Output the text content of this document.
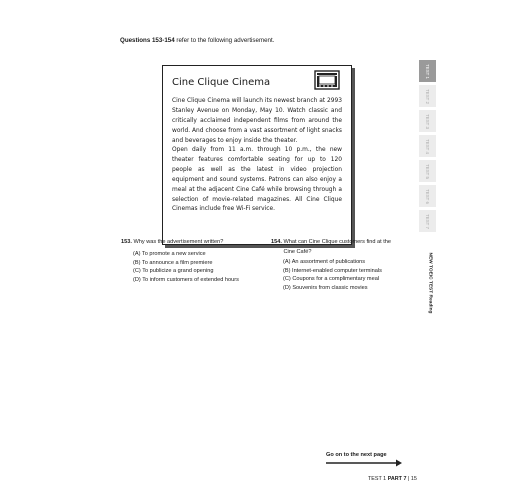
Questions 153-154 refer to the following advertisement.
Cine Clique Cinema

Cine Clique Cinema will launch its newest branch at 2993 Stanley Avenue on Monday, May 10. Watch classic and critically acclaimed independent films from around the world. And choose from a vast assortment of light snacks and beverages to enjoy inside the theater.

Open daily from 11 a.m. through 10 p.m., the new theater features comfortable seating for up to 120 people as well as the latest in video projection equipment and sound systems. Patrons can also enjoy a meal at the adjacent Cine Café while browsing through a selection of movie-related magazines. All Cine Clique Cinemas include free Wi-Fi service.

153. Why was the advertisement written?
(A) To promote a new service
(B) To announce a film premiere
(C) To publicize a grand opening
(D) To inform customers of extended hours
154. What can Cine Clique customers find at the Cine Café?
(A) An assortment of publications
(B) Internet-enabled computer terminals
(C) Coupons for a complimentary meal
(D) Souvenirs from classic movies
TEST 1
TEST 2
TEST 3
TEST 4
TEST 5
TEST 6
TEST 7
NEW TOEIC TEST Reading
Go on to the next page
TEST 1 PART 7 | 15
